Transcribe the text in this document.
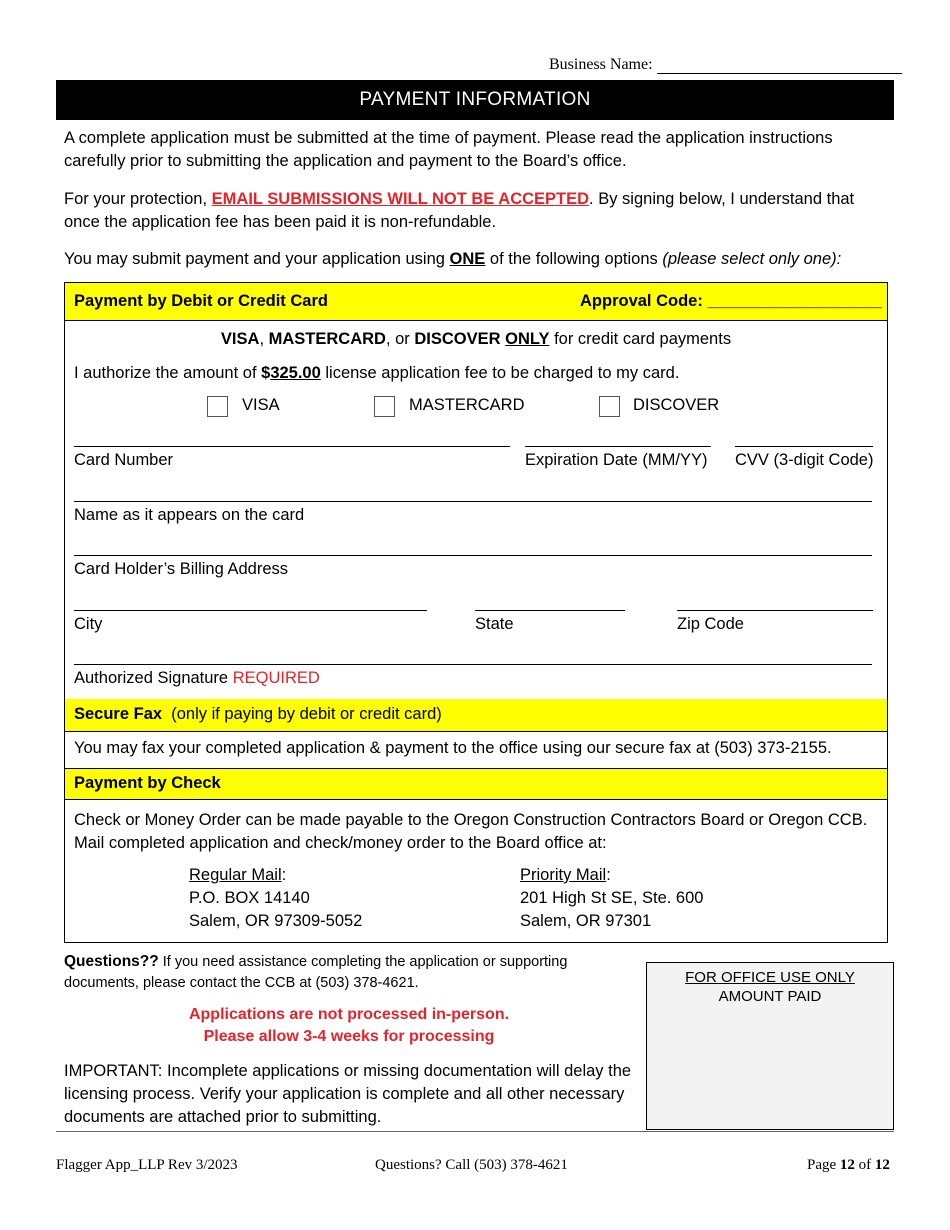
Business Name:
PAYMENT INFORMATION
A complete application must be submitted at the time of payment. Please read the application instructions carefully prior to submitting the application and payment to the Board’s office.
For your protection, EMAIL SUBMISSIONS WILL NOT BE ACCEPTED. By signing below, I understand that
once the application fee has been paid it is non-refundable.
You may submit payment and your application using ONE of the following options (please select only one):
Payment by Debit or Credit Card	Approval Code: ___________________
VISA, MASTERCARD, or DISCOVER ONLY for credit card payments
I authorize the amount of $325.00 license application fee to be charged to my card.
VISA	MASTERCARD	DISCOVER
Card Number	Expiration Date (MM/YY) CVV (3-digit Code)
Name as it appears on the card
Card Holder’s Billing Address
City	State	Zip Code
Authorized Signature REQUIRED
Secure Fax (only if paying by debit or credit card)
You may fax your completed application & payment to the office using our secure fax at (503) 373-2155.
Payment by Check
Check or Money Order can be made payable to the Oregon Construction Contractors Board or Oregon CCB. Mail completed application and check/money order to the Board office at:
Regular Mail:
P.O. BOX 14140
Salem, OR 97309-5052
Priority Mail:
201 High St SE, Ste. 600
Salem, OR 97301
Questions?? If you need assistance completing the application or supporting documents, please contact the CCB at (503) 378-4621.
Applications are not processed in-person.
Please allow 3-4 weeks for processing
IMPORTANT: Incomplete applications or missing documentation will delay the licensing process. Verify your application is complete and all other necessary documents are attached prior to submitting.
FOR OFFICE USE ONLY
AMOUNT PAID
Flagger App_LLP Rev 3/2023	Questions? Call (503) 378-4621	Page 12 of 12
